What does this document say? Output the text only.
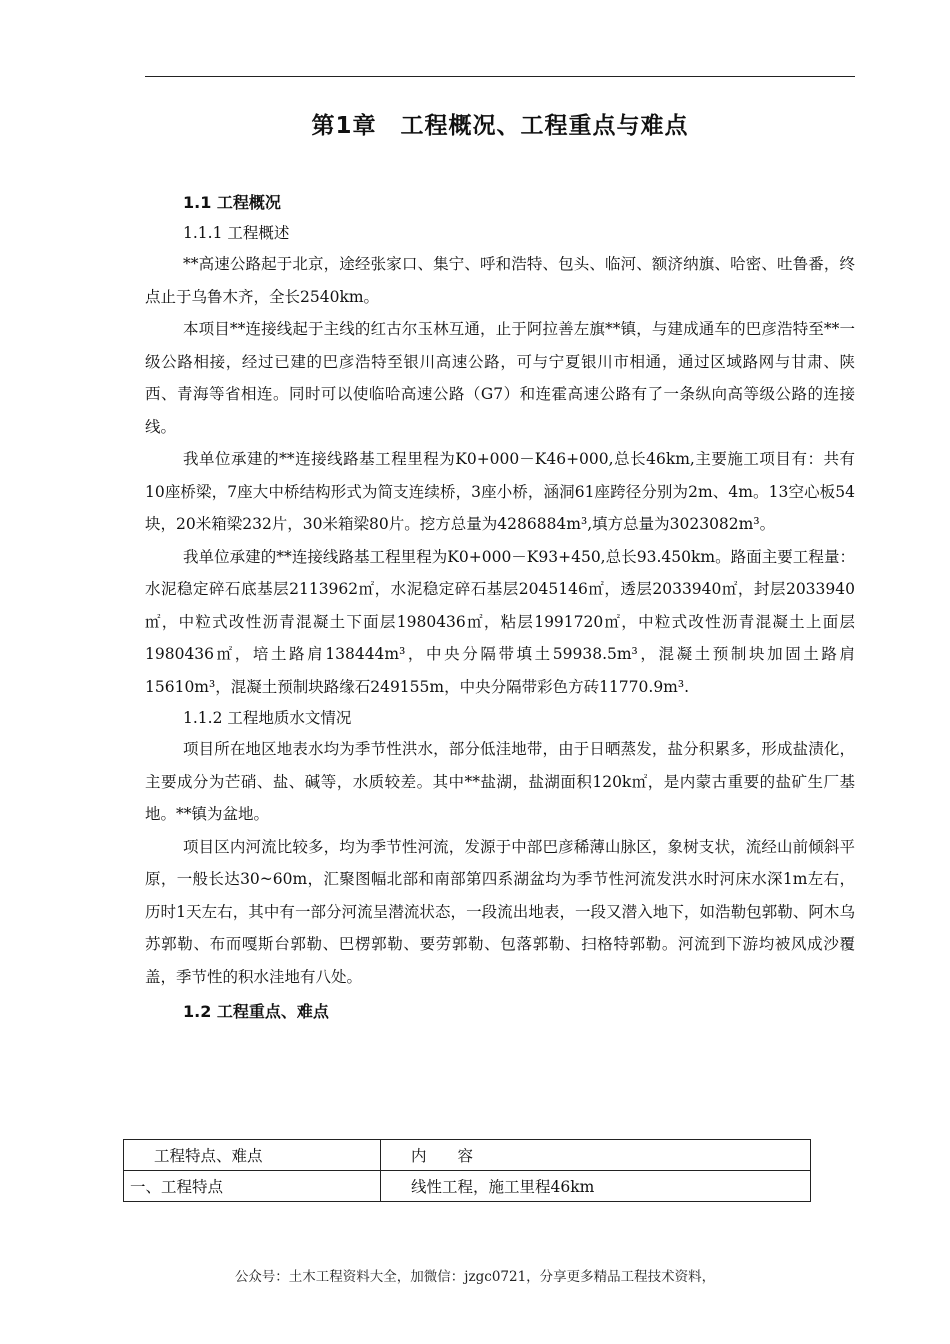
第1章　工程概况、工程重点与难点
1.1 工程概况
1.1.1 工程概述

**高速公路起于北京，途经张家口、集宁、呼和浩特、包头、临河、额济纳旗、哈密、吐鲁番，终点止于乌鲁木齐，全长2540km。

本项目**连接线起于主线的红古尔玉林互通，止于阿拉善左旗**镇，与建成通车的巴彦浩特至**一级公路相接，经过已建的巴彦浩特至银川高速公路，可与宁夏银川市相通，通过区域路网与甘肃、陕西、青海等省相连。同时可以使临哈高速公路（G7）和连霍高速公路有了一条纵向高等级公路的连接线。

我单位承建的**连接线路基工程里程为K0+000－K46+000,总长46km,主要施工项目有：共有10座桥梁，7座大中桥结构形式为简支连续桥，3座小桥，涵洞61座跨径分别为2m、4m。13空心板54块，20米箱梁232片，30米箱梁80片。挖方总量为4286884m³,填方总量为3023082m³。

我单位承建的**连接线路基工程里程为K0+000－K93+450,总长93.450km。路面主要工程量：水泥稳定碎石底基层2113962㎡，水泥稳定碎石基层2045146㎡，透层2033940㎡，封层2033940㎡，中粒式改性沥青混凝土下面层1980436㎡，粘层1991720㎡，中粒式改性沥青混凝土上面层1980436㎡，培土路肩138444m³，中央分隔带填土59938.5m³，混凝土预制块加固土路肩15610m³，混凝土预制块路缘石249155m，中央分隔带彩色方砖11770.9m³.

1.1.2 工程地质水文情况

项目所在地区地表水均为季节性洪水，部分低洼地带，由于日晒蒸发，盐分积累多，形成盐渍化，主要成分为芒硝、盐、碱等，水质较差。其中**盐湖，盐湖面积120k㎡，是内蒙古重要的盐矿生厂基地。**镇为盆地。

项目区内河流比较多，均为季节性河流，发源于中部巴彦稀薄山脉区，象树支状，流经山前倾斜平原，一般长达30~60m，汇聚图幅北部和南部第四系湖盆均为季节性河流发洪水时河床水深1m左右，历时1天左右，其中有一部分河流呈潜流状态，一段流出地表，一段又潜入地下，如浩勒包郭勒、阿木乌苏郭勒、布而嘎斯台郭勒、巴楞郭勒、要劳郭勒、包落郭勒、扫格特郭勒。河流到下游均被风成沙覆盖，季节性的积水洼地有八处。

1.2 工程重点、难点
工程特点、难点	内　　容
一、工程特点	线性工程，施工里程46km
公众号：土木工程资料大全，加微信：jzgc0721，分享更多精品工程技术资料，
